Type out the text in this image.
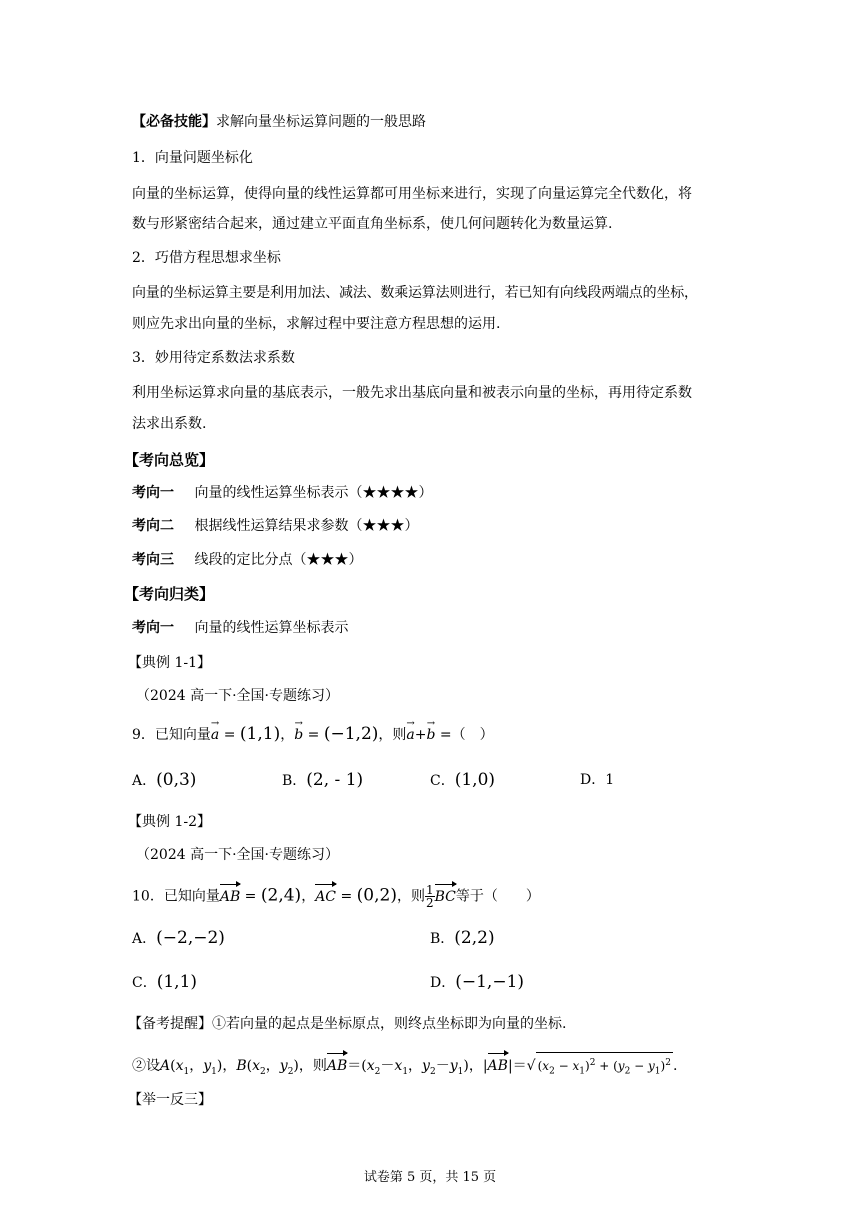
【必备技能】求解向量坐标运算问题的一般思路
1．向量问题坐标化
向量的坐标运算，使得向量的线性运算都可用坐标来进行，实现了向量运算完全代数化，将
数与形紧密结合起来，通过建立平面直角坐标系，使几何问题转化为数量运算.
2．巧借方程思想求坐标
向量的坐标运算主要是利用加法、减法、数乘运算法则进行，若已知有向线段两端点的坐标，
则应先求出向量的坐标，求解过程中要注意方程思想的运用.
3．妙用待定系数法求系数
利用坐标运算求向量的基底表示，一般先求出基底向量和被表示向量的坐标，再用待定系数
法求出系数.
【考向总览】
考向一 向量的线性运算坐标表示（★★★★）
考向二 根据线性运算结果求参数（★★★）
考向三 线段的定比分点（★★★）
【考向归类】
考向一 向量的线性运算坐标表示
【典例 1-1】
（2024 高一下·全国·专题练习）
9．已知向量→ a = (1,1)，→ b = (−1,2)，则→ a+→ b =（　）
A．(0,3)	B．(2, - 1)	C．(1,0)	D．1
【典例 1-2】
（2024 高一下·全国·专题练习）
10．已知向量AB = (2,4)，AC = (0,2)，则 $\frac{1}{2}$ BC等于（　　）
A．(−2,−2)	B．(2,2)
C．(1,1)	D．(−1,−1)
【备考提醒】①若向量的起点是坐标原点，则终点坐标即为向量的坐标.
②设$A(x_1$，$y_1$)，$B(x_2$，$y_2$)，则$AB=(x_2-x_1$，$y_2-y_1$)，|AB|＝√ $(x_2 - x_1)^2 + (y_2 - y_1)^2$ .
【举一反三】
试卷第 5 页，共 15 页
